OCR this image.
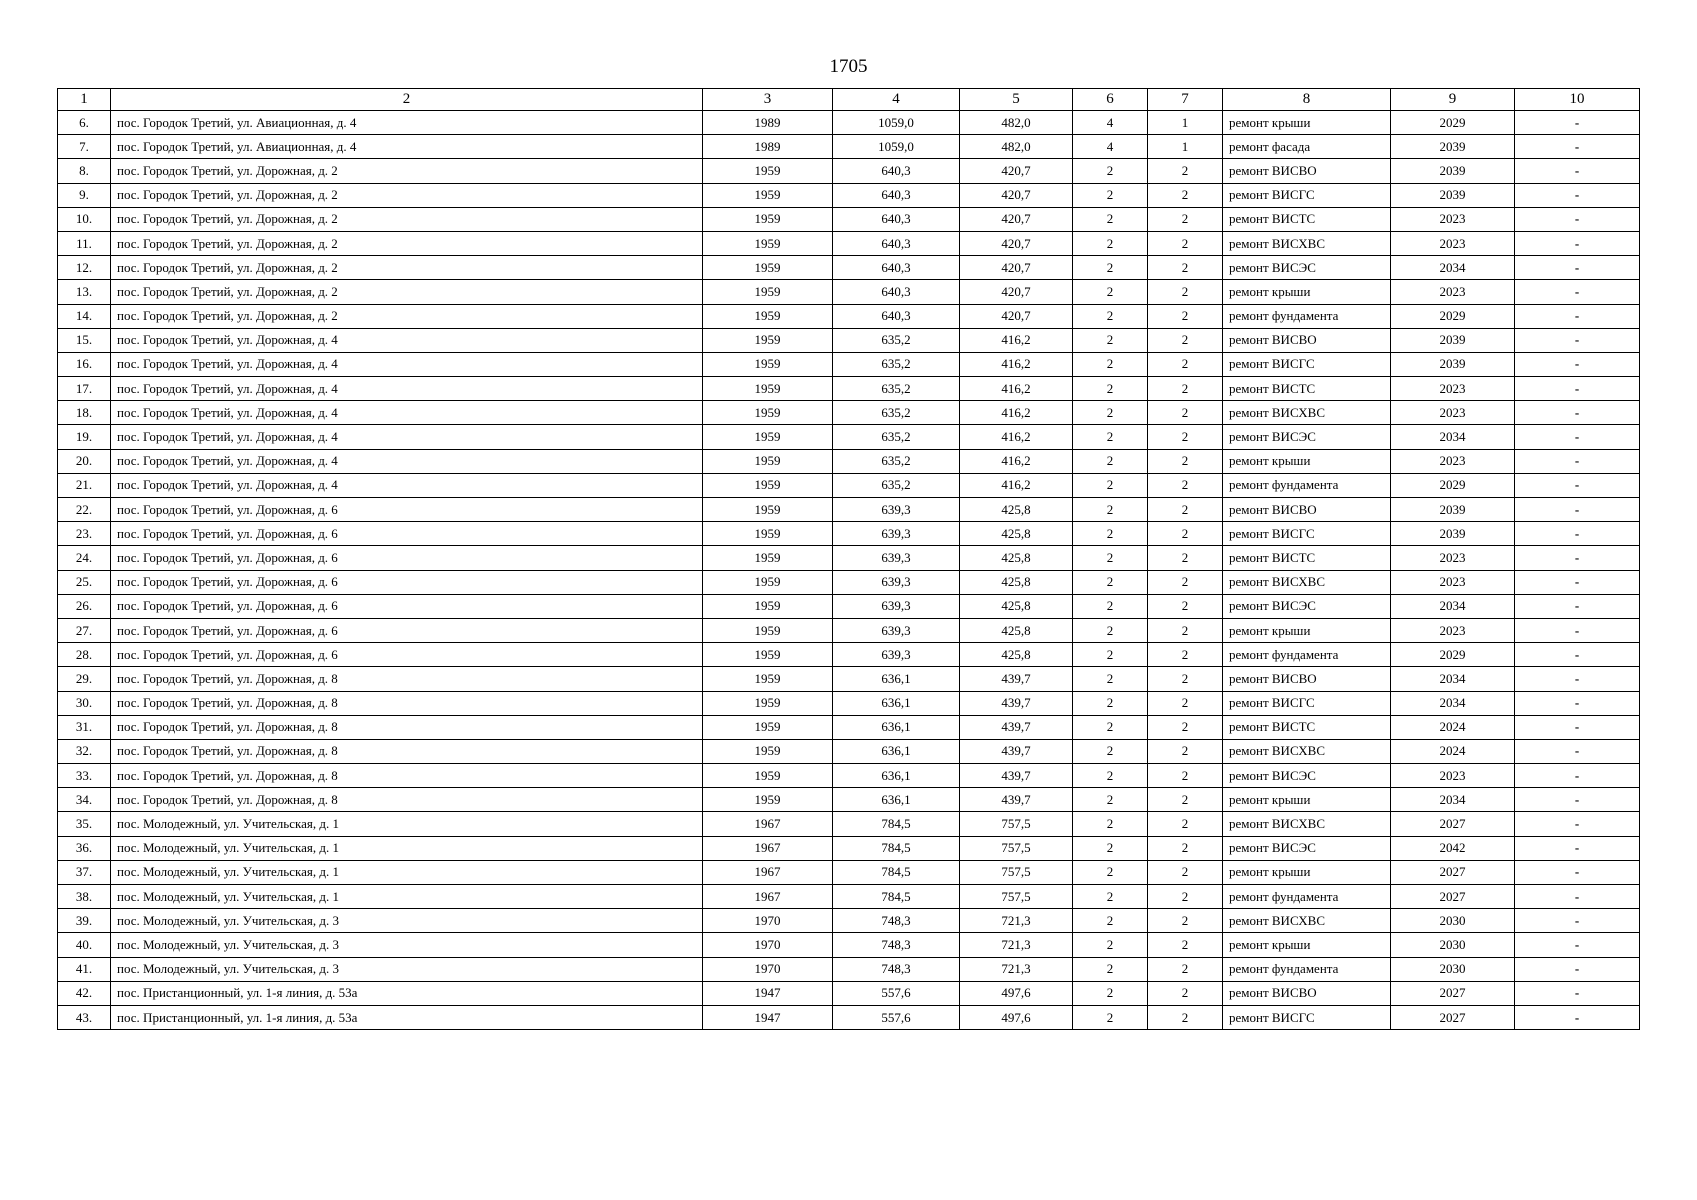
1705
1	2	3	4	5	6	7	8	9	10
6.	пос. Городок Третий, ул. Авиационная, д. 4	1989	1059,0	482,0	4	1	ремонт крыши	2029	-
7.	пос. Городок Третий, ул. Авиационная, д. 4	1989	1059,0	482,0	4	1	ремонт фасада	2039	-
8.	пос. Городок Третий, ул. Дорожная, д. 2	1959	640,3	420,7	2	2	ремонт ВИСВО	2039	-
9.	пос. Городок Третий, ул. Дорожная, д. 2	1959	640,3	420,7	2	2	ремонт ВИСГС	2039	-
10.	пос. Городок Третий, ул. Дорожная, д. 2	1959	640,3	420,7	2	2	ремонт ВИСТС	2023	-
11.	пос. Городок Третий, ул. Дорожная, д. 2	1959	640,3	420,7	2	2	ремонт ВИСХВС	2023	-
12.	пос. Городок Третий, ул. Дорожная, д. 2	1959	640,3	420,7	2	2	ремонт ВИСЭС	2034	-
13.	пос. Городок Третий, ул. Дорожная, д. 2	1959	640,3	420,7	2	2	ремонт крыши	2023	-
14.	пос. Городок Третий, ул. Дорожная, д. 2	1959	640,3	420,7	2	2	ремонт фундамента	2029	-
15.	пос. Городок Третий, ул. Дорожная, д. 4	1959	635,2	416,2	2	2	ремонт ВИСВО	2039	-
16.	пос. Городок Третий, ул. Дорожная, д. 4	1959	635,2	416,2	2	2	ремонт ВИСГС	2039	-
17.	пос. Городок Третий, ул. Дорожная, д. 4	1959	635,2	416,2	2	2	ремонт ВИСТС	2023	-
18.	пос. Городок Третий, ул. Дорожная, д. 4	1959	635,2	416,2	2	2	ремонт ВИСХВС	2023	-
19.	пос. Городок Третий, ул. Дорожная, д. 4	1959	635,2	416,2	2	2	ремонт ВИСЭС	2034	-
20.	пос. Городок Третий, ул. Дорожная, д. 4	1959	635,2	416,2	2	2	ремонт крыши	2023	-
21.	пос. Городок Третий, ул. Дорожная, д. 4	1959	635,2	416,2	2	2	ремонт фундамента	2029	-
22.	пос. Городок Третий, ул. Дорожная, д. 6	1959	639,3	425,8	2	2	ремонт ВИСВО	2039	-
23.	пос. Городок Третий, ул. Дорожная, д. 6	1959	639,3	425,8	2	2	ремонт ВИСГС	2039	-
24.	пос. Городок Третий, ул. Дорожная, д. 6	1959	639,3	425,8	2	2	ремонт ВИСТС	2023	-
25.	пос. Городок Третий, ул. Дорожная, д. 6	1959	639,3	425,8	2	2	ремонт ВИСХВС	2023	-
26.	пос. Городок Третий, ул. Дорожная, д. 6	1959	639,3	425,8	2	2	ремонт ВИСЭС	2034	-
27.	пос. Городок Третий, ул. Дорожная, д. 6	1959	639,3	425,8	2	2	ремонт крыши	2023	-
28.	пос. Городок Третий, ул. Дорожная, д. 6	1959	639,3	425,8	2	2	ремонт фундамента	2029	-
29.	пос. Городок Третий, ул. Дорожная, д. 8	1959	636,1	439,7	2	2	ремонт ВИСВО	2034	-
30.	пос. Городок Третий, ул. Дорожная, д. 8	1959	636,1	439,7	2	2	ремонт ВИСГС	2034	-
31.	пос. Городок Третий, ул. Дорожная, д. 8	1959	636,1	439,7	2	2	ремонт ВИСТС	2024	-
32.	пос. Городок Третий, ул. Дорожная, д. 8	1959	636,1	439,7	2	2	ремонт ВИСХВС	2024	-
33.	пос. Городок Третий, ул. Дорожная, д. 8	1959	636,1	439,7	2	2	ремонт ВИСЭС	2023	-
34.	пос. Городок Третий, ул. Дорожная, д. 8	1959	636,1	439,7	2	2	ремонт крыши	2034	-
35.	пос. Молодежный, ул. Учительская, д. 1	1967	784,5	757,5	2	2	ремонт ВИСХВС	2027	-
36.	пос. Молодежный, ул. Учительская, д. 1	1967	784,5	757,5	2	2	ремонт ВИСЭС	2042	-
37.	пос. Молодежный, ул. Учительская, д. 1	1967	784,5	757,5	2	2	ремонт крыши	2027	-
38.	пос. Молодежный, ул. Учительская, д. 1	1967	784,5	757,5	2	2	ремонт фундамента	2027	-
39.	пос. Молодежный, ул. Учительская, д. 3	1970	748,3	721,3	2	2	ремонт ВИСХВС	2030	-
40.	пос. Молодежный, ул. Учительская, д. 3	1970	748,3	721,3	2	2	ремонт крыши	2030	-
41.	пос. Молодежный, ул. Учительская, д. 3	1970	748,3	721,3	2	2	ремонт фундамента	2030	-
42.	пос. Пристанционный, ул. 1-я линия, д. 53а	1947	557,6	497,6	2	2	ремонт ВИСВО	2027	-
43.	пос. Пристанционный, ул. 1-я линия, д. 53а	1947	557,6	497,6	2	2	ремонт ВИСГС	2027	-
